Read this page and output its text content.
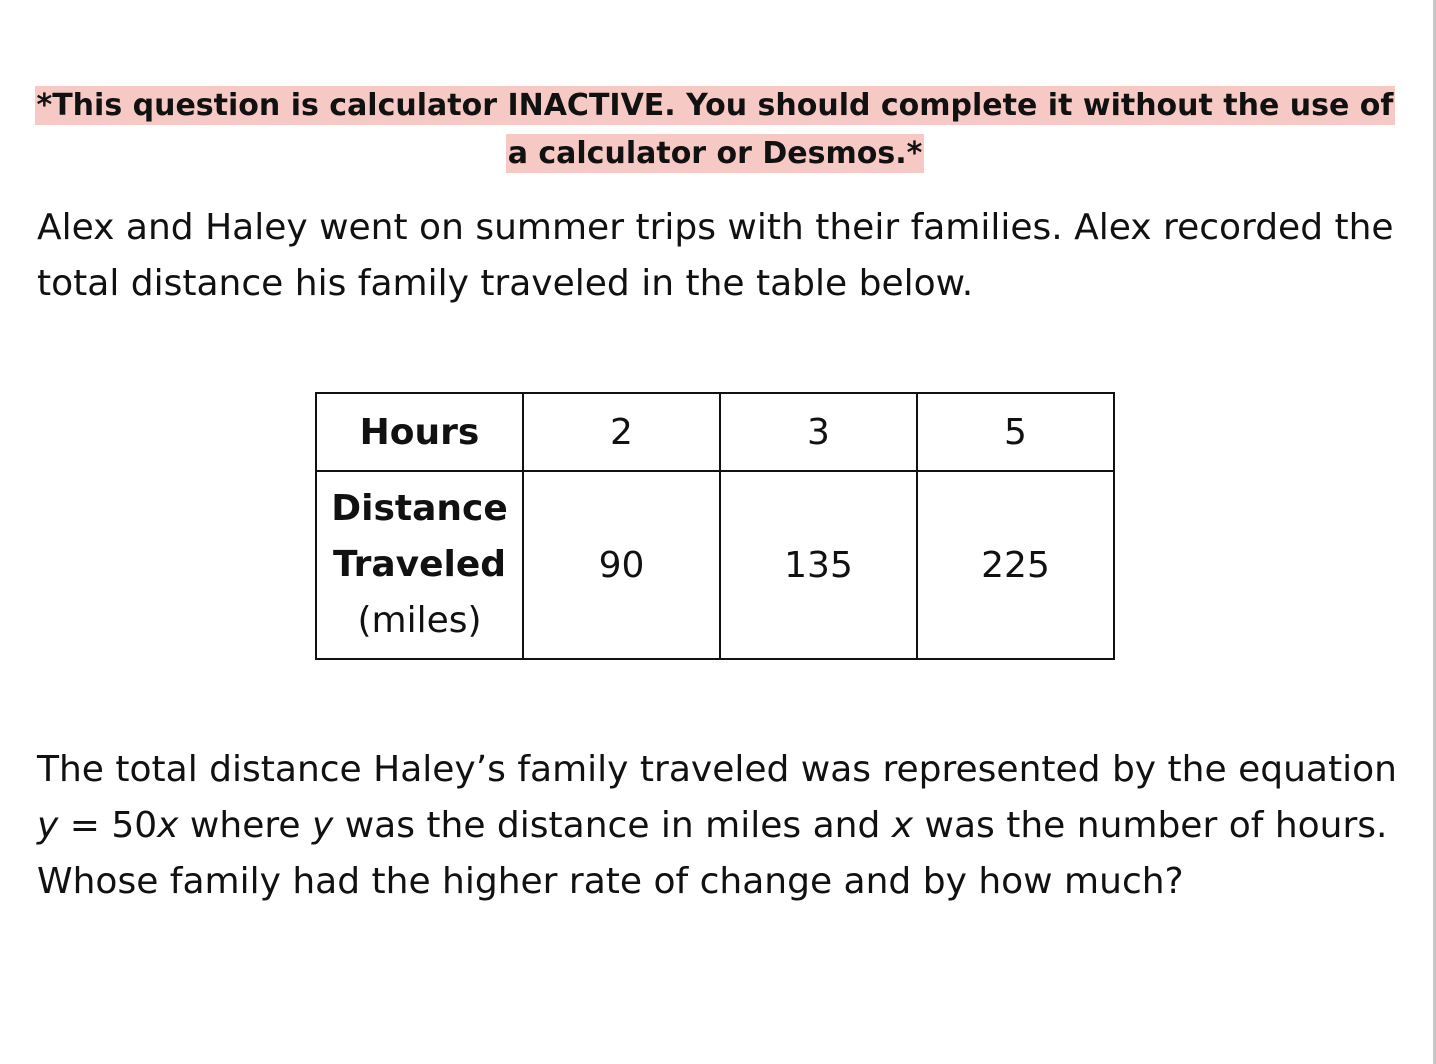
*This question is calculator INACTIVE. You should complete it without the use of a calculator or Desmos.*

Alex and Haley went on summer trips with their families. Alex recorded the total distance his family traveled in the table below.

Hours	2	3	5

Distance
Traveled
(miles)	90	135	225

The total distance Haley’s family traveled was represented by the equation y = 50x where y was the distance in miles and x was the number of hours. Whose family had the higher rate of change and by how much?
